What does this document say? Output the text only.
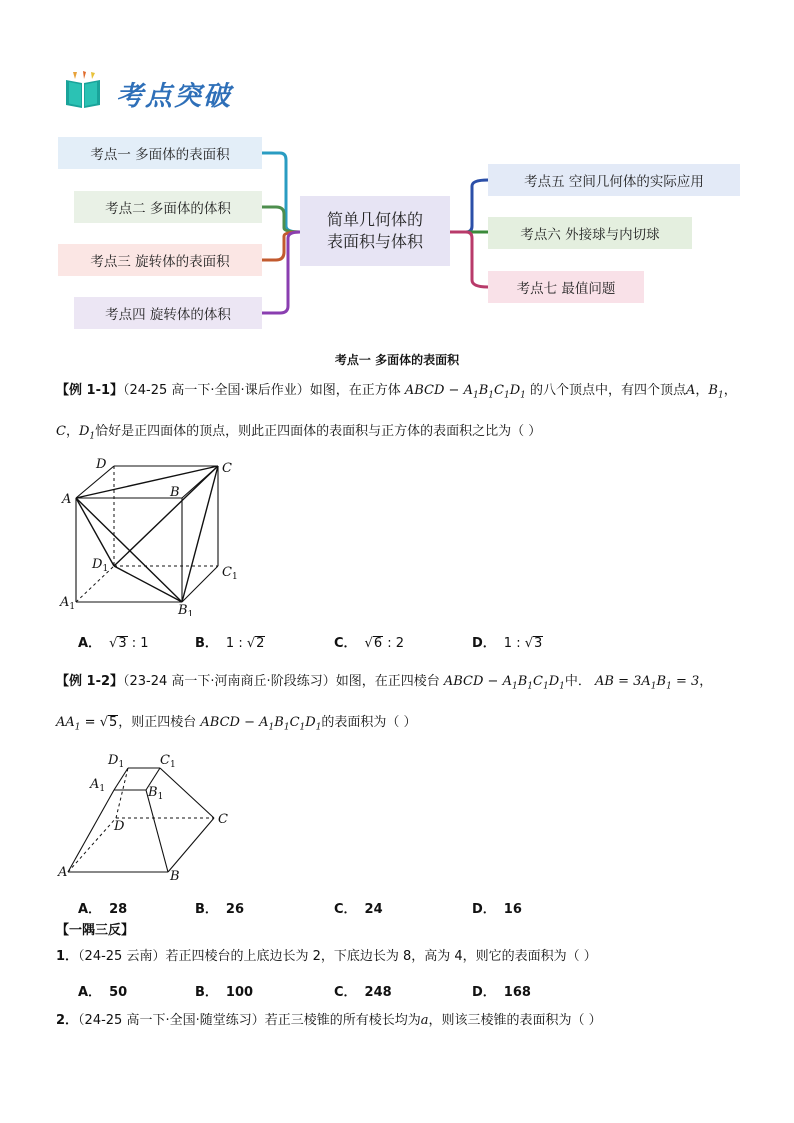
考点突破
考点一 多面体的表面积
考点二 多面体的体积
考点三 旋转体的表面积
考点四 旋转体的体积
简单几何体的
表面积与体积
考点五 空间几何体的实际应用
考点六 外接球与内切球
考点七 最值问题
考点一 多面体的表面积
【例 1-1】（24-25 高一下·全国·课后作业）如图，在正方体 ABCD − $A_1B_1C_1D_1$ 的八个顶点中，有四个顶点A，$B_1$，
C，$D_1$恰好是正四面体的顶点，则此正四面体的表面积与正方体的表面积之比为（ ）
D	C
A	B
$D_1$	$C_1$
$A_1$	$B_1$
A． √3 : 1	B． 1 : √2	C． √6 : 2	D． 1 : √3
【例 1-2】（23-24 高一下·河南商丘·阶段练习）如图，在正四棱台 ABCD − $A_1B_1C_1D_1$中． AB = $3A_1B_1 = 3$，
$AA_1 = √5$，则正四棱台 ABCD − $A_1B_1C_1D_1$的表面积为（ ）
$D_1$	$C_1$
$A_1$	$B_1$
D	C
A	B
A． 28	B． 26	C． 24	D． 16
【一隅三反】
1．（24-25 云南）若正四棱台的上底边长为 2，下底边长为 8，高为 4，则它的表面积为（ ）
A． 50	B． 100	C． 248	D． 168
2．（24-25 高一下·全国·随堂练习）若正三棱锥的所有棱长均为a，则该三棱锥的表面积为（ ）
